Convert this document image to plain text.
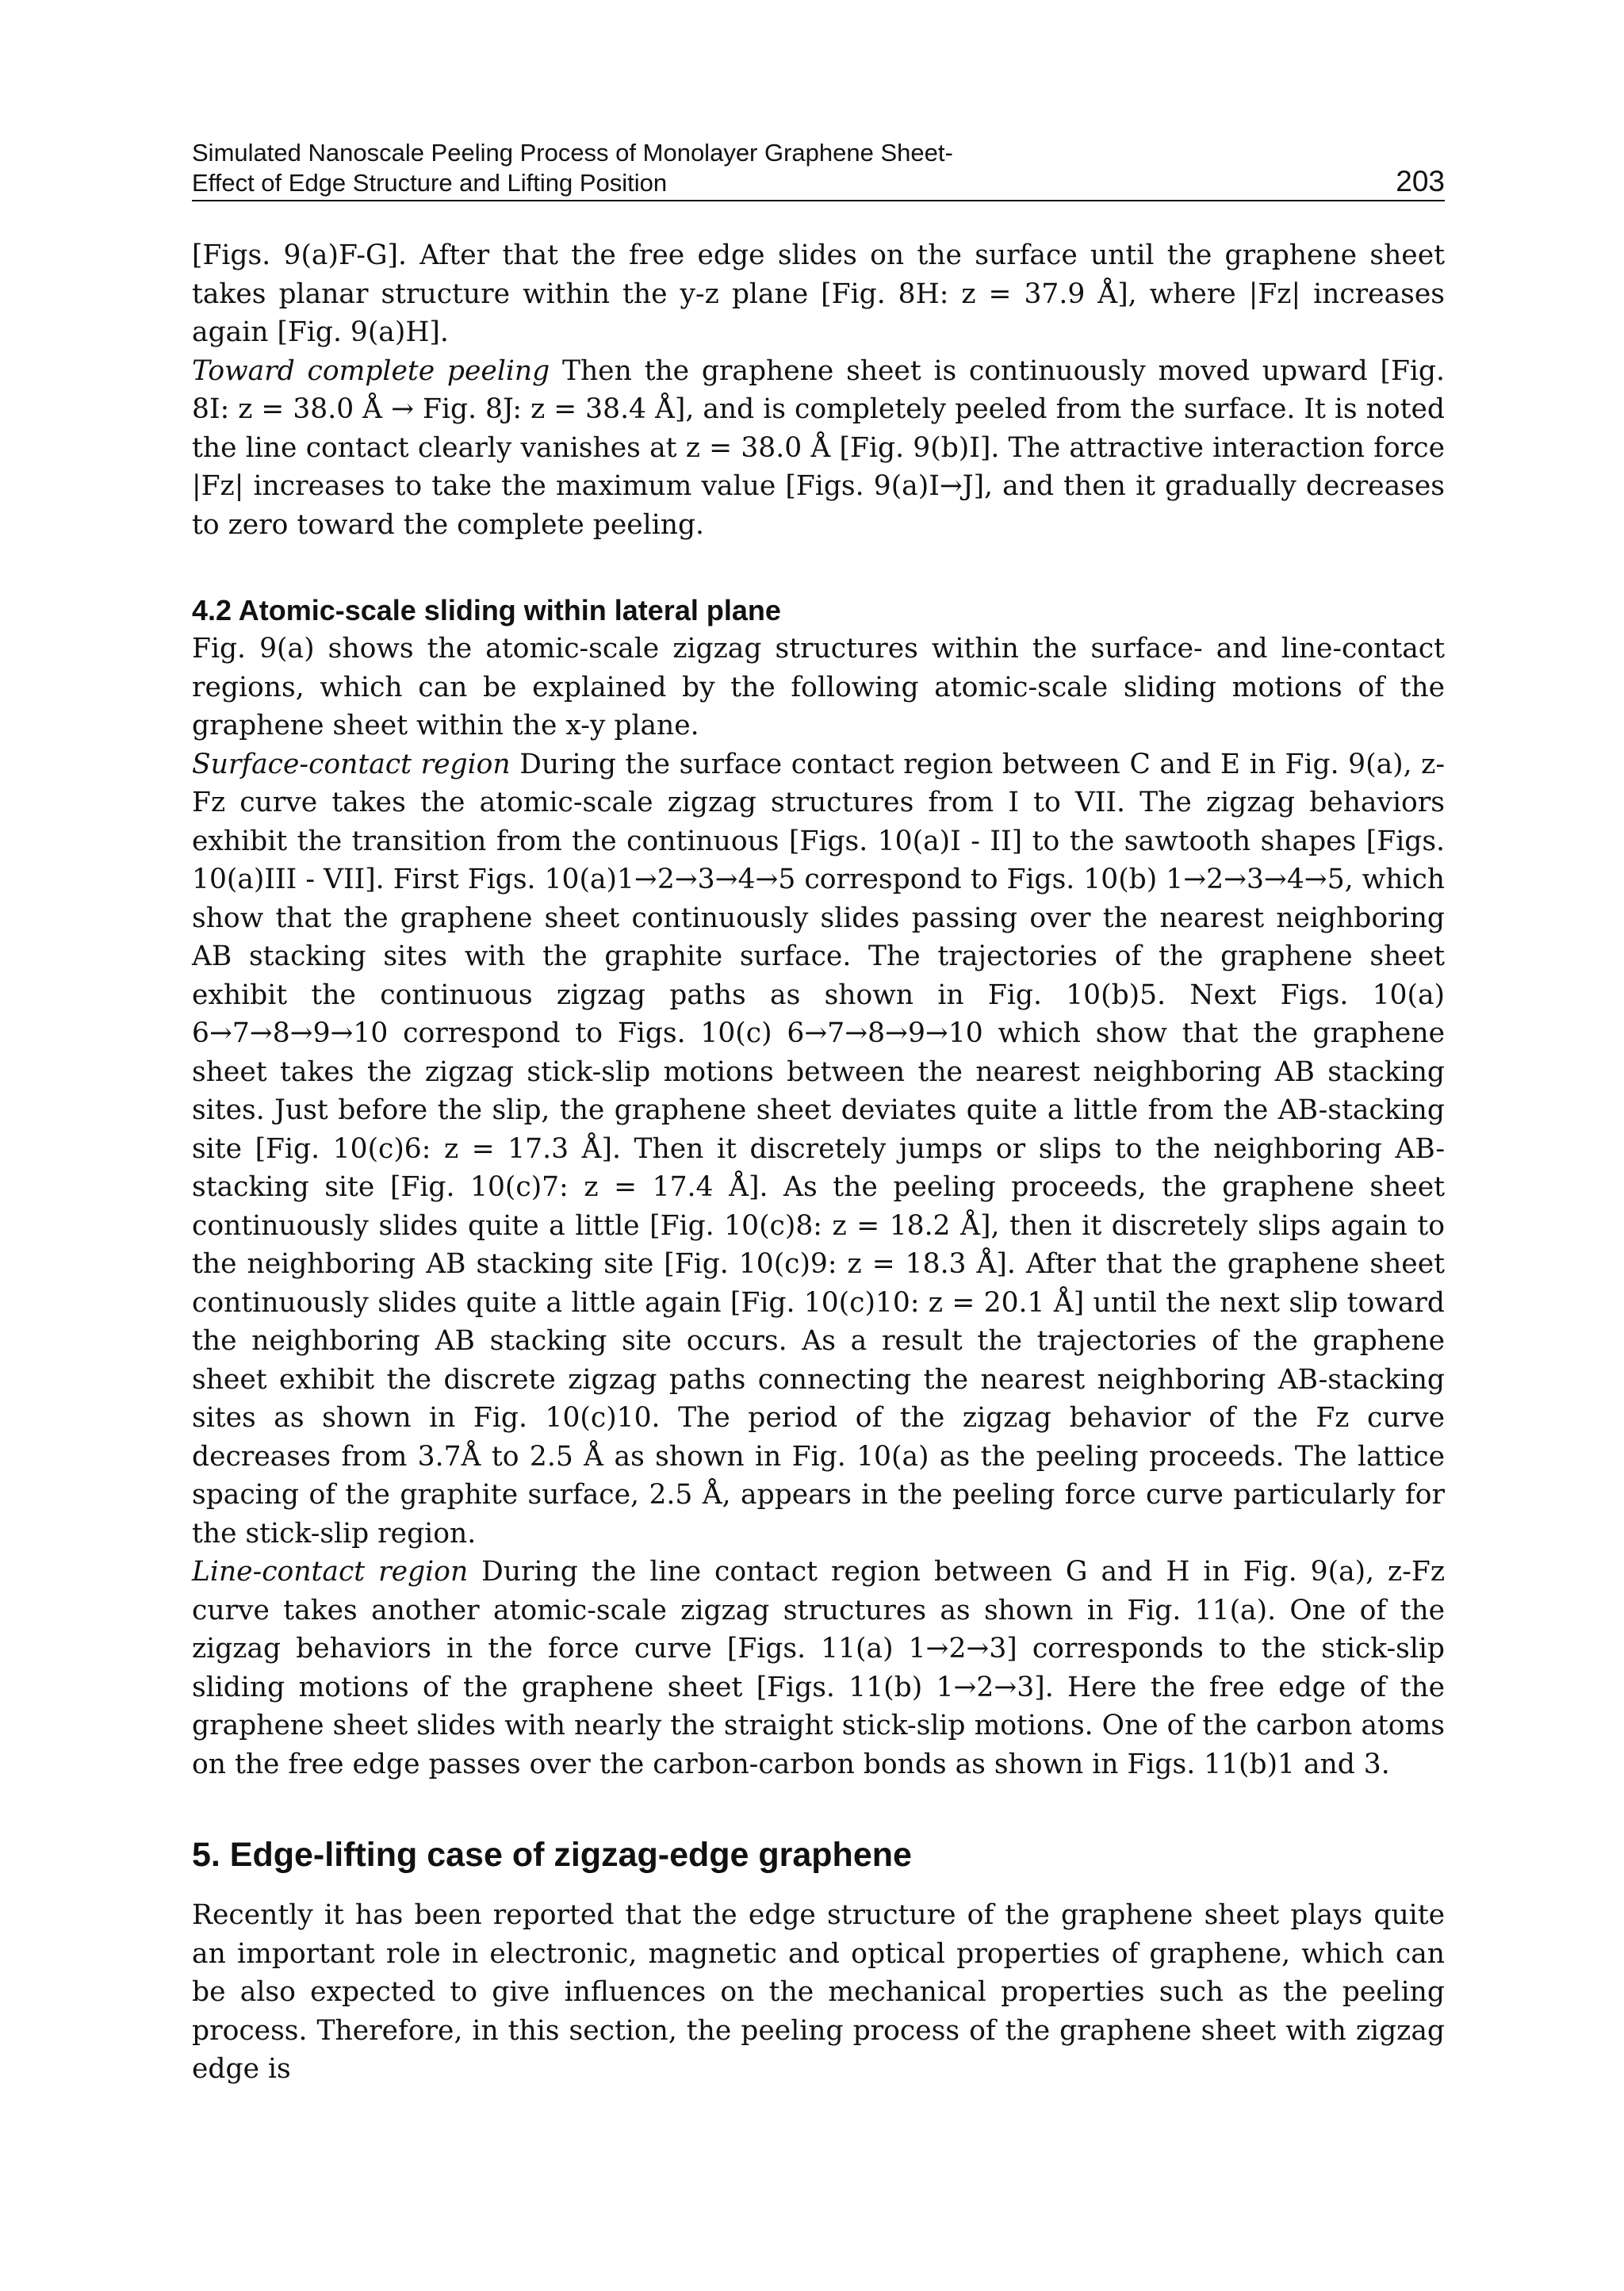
Simulated Nanoscale Peeling Process of Monolayer Graphene Sheet-
Effect of Edge Structure and Lifting Position	203

[Figs. 9(a)F-G]. After that the free edge slides on the surface until the graphene sheet takes planar structure within the y-z plane [Fig. 8H: z = 37.9 Å], where |Fz| increases again [Fig. 9(a)H].

Toward complete peeling Then the graphene sheet is continuously moved upward [Fig. 8I: z = 38.0 Å → Fig. 8J: z = 38.4 Å], and is completely peeled from the surface. It is noted the line contact clearly vanishes at z = 38.0 Å [Fig. 9(b)I]. The attractive interaction force |Fz| increases to take the maximum value [Figs. 9(a)I→J], and then it gradually decreases to zero toward the complete peeling.

4.2 Atomic-scale sliding within lateral plane

Fig. 9(a) shows the atomic-scale zigzag structures within the surface- and line-contact regions, which can be explained by the following atomic-scale sliding motions of the graphene sheet within the x-y plane.

Surface-contact region During the surface contact region between C and E in Fig. 9(a), z-Fz curve takes the atomic-scale zigzag structures from I to VII. The zigzag behaviors exhibit the transition from the continuous [Figs. 10(a)I - II] to the sawtooth shapes [Figs. 10(a)III - VII]. First Figs. 10(a)1→2→3→4→5 correspond to Figs. 10(b) 1→2→3→4→5, which show that the graphene sheet continuously slides passing over the nearest neighboring AB stacking sites with the graphite surface. The trajectories of the graphene sheet exhibit the continuous zigzag paths as shown in Fig. 10(b)5. Next Figs. 10(a) 6→7→8→9→10 correspond to Figs. 10(c) 6→7→8→9→10 which show that the graphene sheet takes the zigzag stick-slip motions between the nearest neighboring AB stacking sites. Just before the slip, the graphene sheet deviates quite a little from the AB-stacking site [Fig. 10(c)6: z = 17.3 Å]. Then it discretely jumps or slips to the neighboring AB-stacking site [Fig. 10(c)7: z = 17.4 Å]. As the peeling proceeds, the graphene sheet continuously slides quite a little [Fig. 10(c)8: z = 18.2 Å], then it discretely slips again to the neighboring AB stacking site [Fig. 10(c)9: z = 18.3 Å]. After that the graphene sheet continuously slides quite a little again [Fig. 10(c)10: z = 20.1 Å] until the next slip toward the neighboring AB stacking site occurs. As a result the trajectories of the graphene sheet exhibit the discrete zigzag paths connecting the nearest neighboring AB-stacking sites as shown in Fig. 10(c)10. The period of the zigzag behavior of the Fz curve decreases from 3.7Å to 2.5 Å as shown in Fig. 10(a) as the peeling proceeds. The lattice spacing of the graphite surface, 2.5 Å, appears in the peeling force curve particularly for the stick-slip region.

Line-contact region During the line contact region between G and H in Fig. 9(a), z-Fz curve takes another atomic-scale zigzag structures as shown in Fig. 11(a). One of the zigzag behaviors in the force curve [Figs. 11(a) 1→2→3] corresponds to the stick-slip sliding motions of the graphene sheet [Figs. 11(b) 1→2→3]. Here the free edge of the graphene sheet slides with nearly the straight stick-slip motions. One of the carbon atoms on the free edge passes over the carbon-carbon bonds as shown in Figs. 11(b)1 and 3.

5. Edge-lifting case of zigzag-edge graphene

Recently it has been reported that the edge structure of the graphene sheet plays quite an important role in electronic, magnetic and optical properties of graphene, which can be also expected to give influences on the mechanical properties such as the peeling process. Therefore, in this section, the peeling process of the graphene sheet with zigzag edge is
